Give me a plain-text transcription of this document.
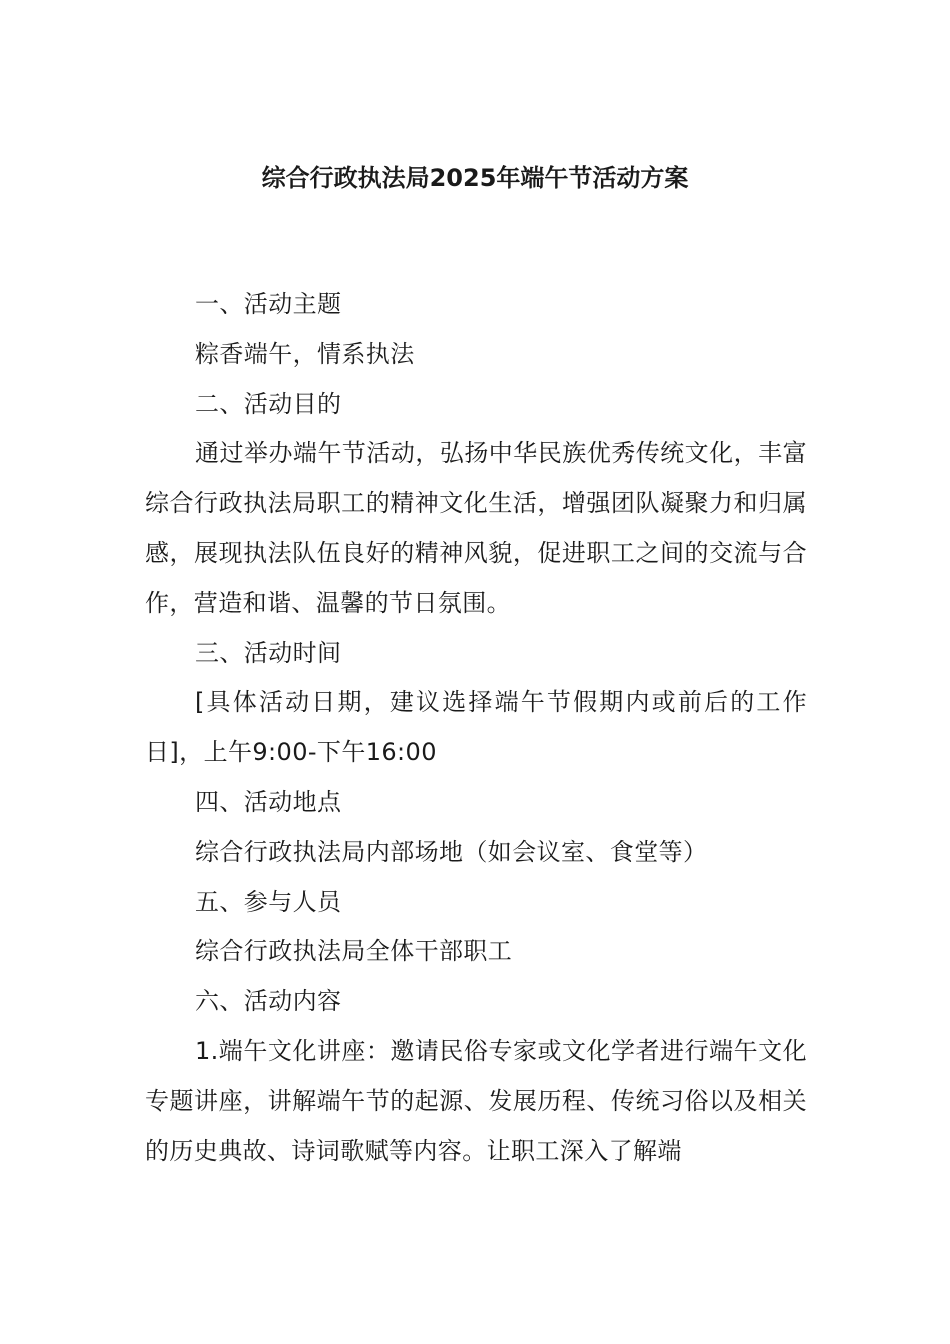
综合行政执法局2025年端午节活动方案

一、活动主题

粽香端午，情系执法

二、活动目的

通过举办端午节活动，弘扬中华民族优秀传统文化，丰富综合行政执法局职工的精神文化生活，增强团队凝聚力和归属感，展现执法队伍良好的精神风貌，促进职工之间的交流与合作，营造和谐、温馨的节日氛围。

三、活动时间

[具体活动日期，建议选择端午节假期内或前后的工作日]，上午9:00-下午16:00

四、活动地点

综合行政执法局内部场地（如会议室、食堂等）

五、参与人员

综合行政执法局全体干部职工

六、活动内容

1.端午文化讲座：邀请民俗专家或文化学者进行端午文化专题讲座，讲解端午节的起源、发展历程、传统习俗以及相关的历史典故、诗词歌赋等内容。让职工深入了解端
